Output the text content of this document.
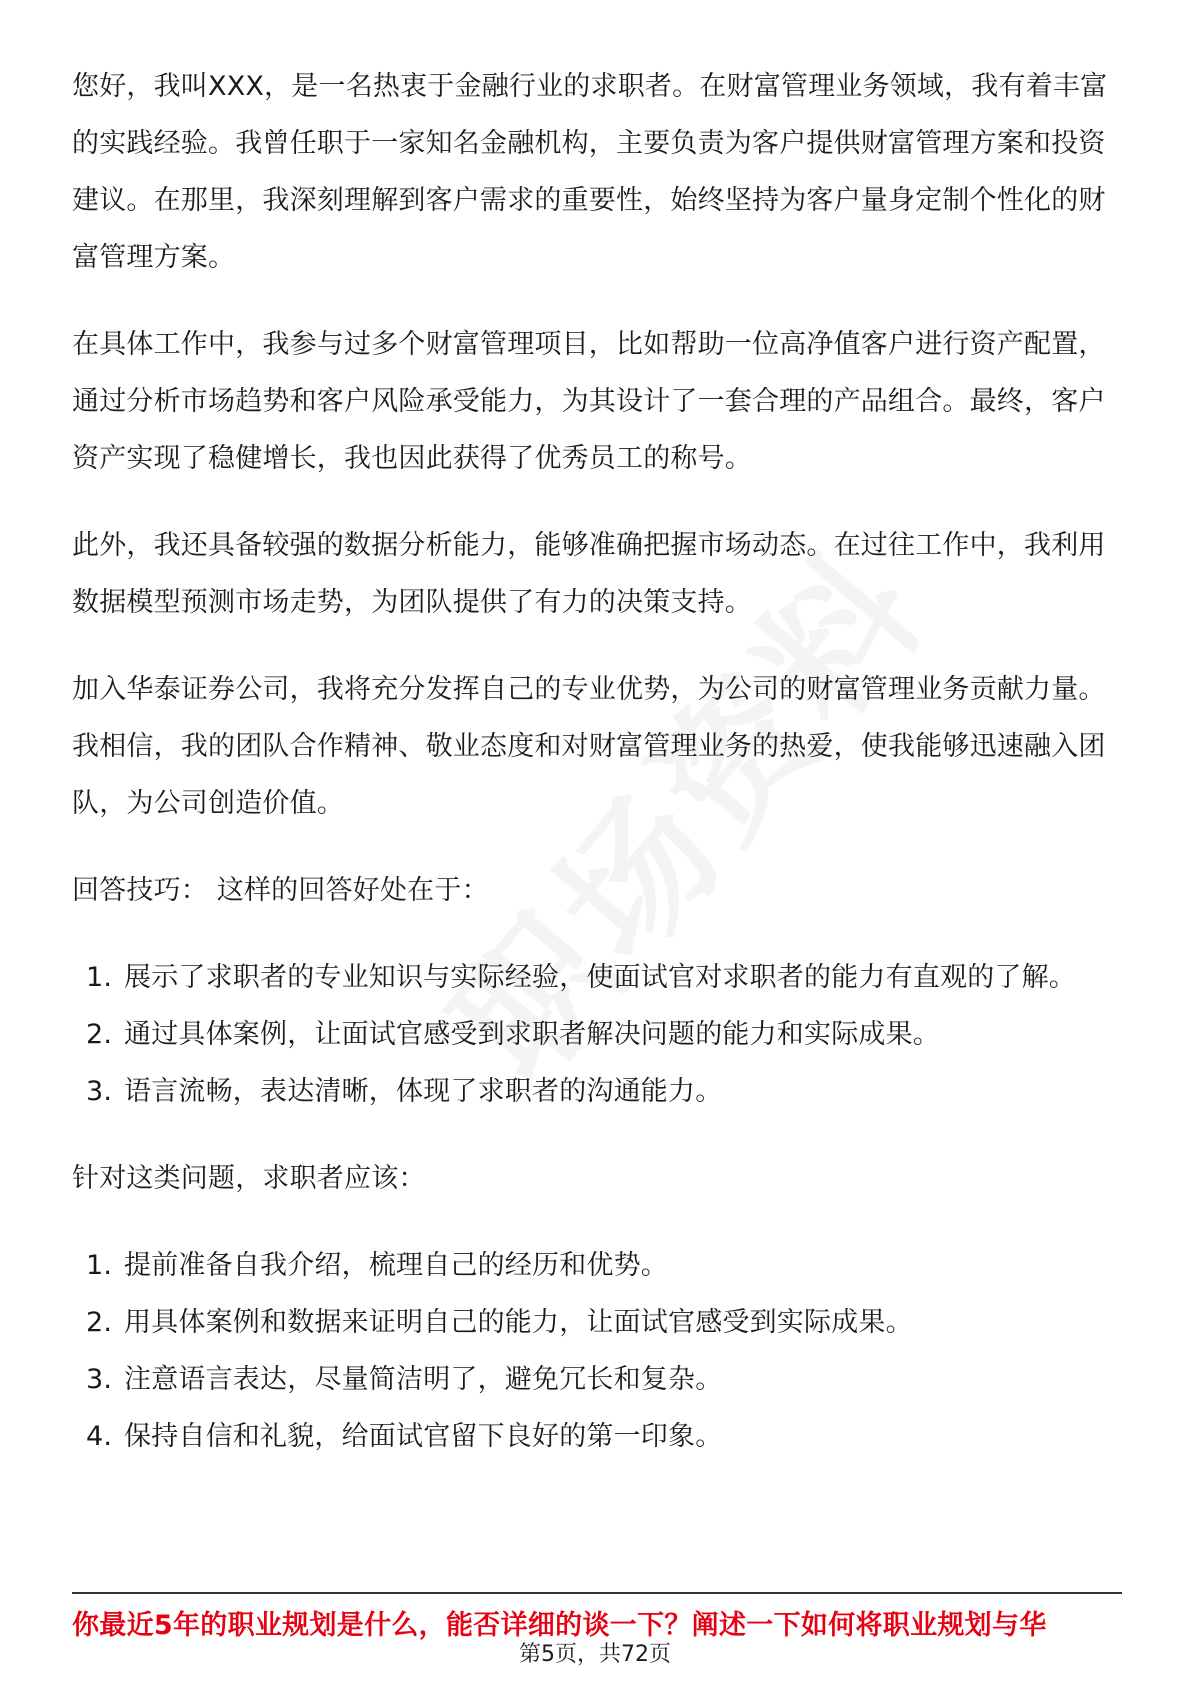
您好，我叫XXX，是一名热衷于金融行业的求职者。在财富管理业务领域，我有着丰富的实践经验。我曾任职于一家知名金融机构，主要负责为客户提供财富管理方案和投资建议。在那里，我深刻理解到客户需求的重要性，始终坚持为客户量身定制个性化的财富管理方案。

在具体工作中，我参与过多个财富管理项目，比如帮助一位高净值客户进行资产配置，通过分析市场趋势和客户风险承受能力，为其设计了一套合理的产品组合。最终，客户资产实现了稳健增长，我也因此获得了优秀员工的称号。

此外，我还具备较强的数据分析能力，能够准确把握市场动态。在过往工作中，我利用数据模型预测市场走势，为团队提供了有力的决策支持。

加入华泰证券公司，我将充分发挥自己的专业优势，为公司的财富管理业务贡献力量。我相信，我的团队合作精神、敬业态度和对财富管理业务的热爱，使我能够迅速融入团队，为公司创造价值。

回答技巧： 这样的回答好处在于：

1. 展示了求职者的专业知识与实际经验，使面试官对求职者的能力有直观的了解。
2. 通过具体案例，让面试官感受到求职者解决问题的能力和实际成果。
3. 语言流畅，表达清晰，体现了求职者的沟通能力。

针对这类问题，求职者应该：

1. 提前准备自我介绍，梳理自己的经历和优势。
2. 用具体案例和数据来证明自己的能力，让面试官感受到实际成果。
3. 注意语言表达，尽量简洁明了，避免冗长和复杂。
4. 保持自信和礼貌，给面试官留下良好的第一印象。
你最近5年的职业规划是什么，能否详细的谈一下？阐述一下如何将职业规划与华
第5页，共72页
